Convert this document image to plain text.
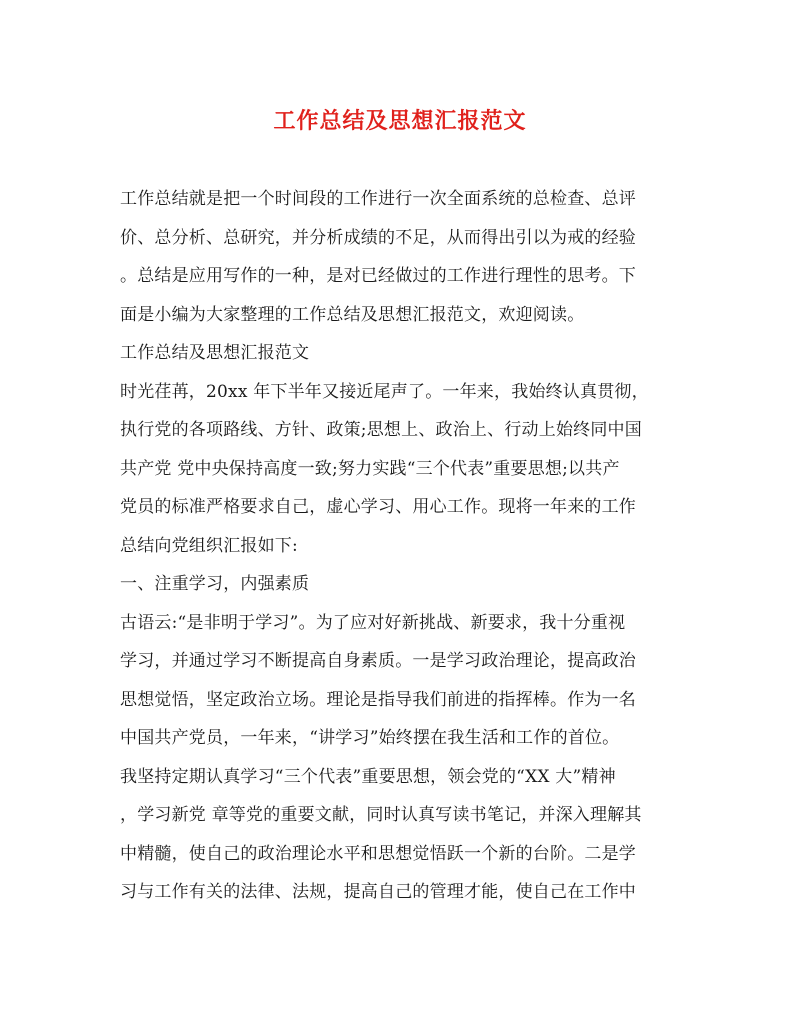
工作总结及思想汇报范文
工作总结就是把一个时间段的工作进行一次全面系统的总检查、总评
价、总分析、总研究，并分析成绩的不足，从而得出引以为戒的经验
。总结是应用写作的一种，是对已经做过的工作进行理性的思考。下
面是小编为大家整理的工作总结及思想汇报范文，欢迎阅读。
工作总结及思想汇报范文
时光荏苒，20xx 年下半年又接近尾声了。一年来，我始终认真贯彻，
执行党的各项路线、方针、政策;思想上、政治上、行动上始终同中国
共产党 党中央保持高度一致;努力实践“三个代表”重要思想;以共产
党员的标准严格要求自己，虚心学习、用心工作。现将一年来的工作
总结向党组织汇报如下:
一、注重学习，内强素质
古语云:“是非明于学习”。为了应对好新挑战、新要求，我十分重视
学习，并通过学习不断提高自身素质。一是学习政治理论，提高政治
思想觉悟，坚定政治立场。理论是指导我们前进的指挥棒。作为一名
中国共产党员，一年来，“讲学习”始终摆在我生活和工作的首位。
我坚持定期认真学习“三个代表”重要思想，领会党的“XX 大”精神
，学习新党 章等党的重要文献，同时认真写读书笔记，并深入理解其
中精髓，使自己的政治理论水平和思想觉悟跃一个新的台阶。二是学
习与工作有关的法律、法规，提高自己的管理才能，使自己在工作中
